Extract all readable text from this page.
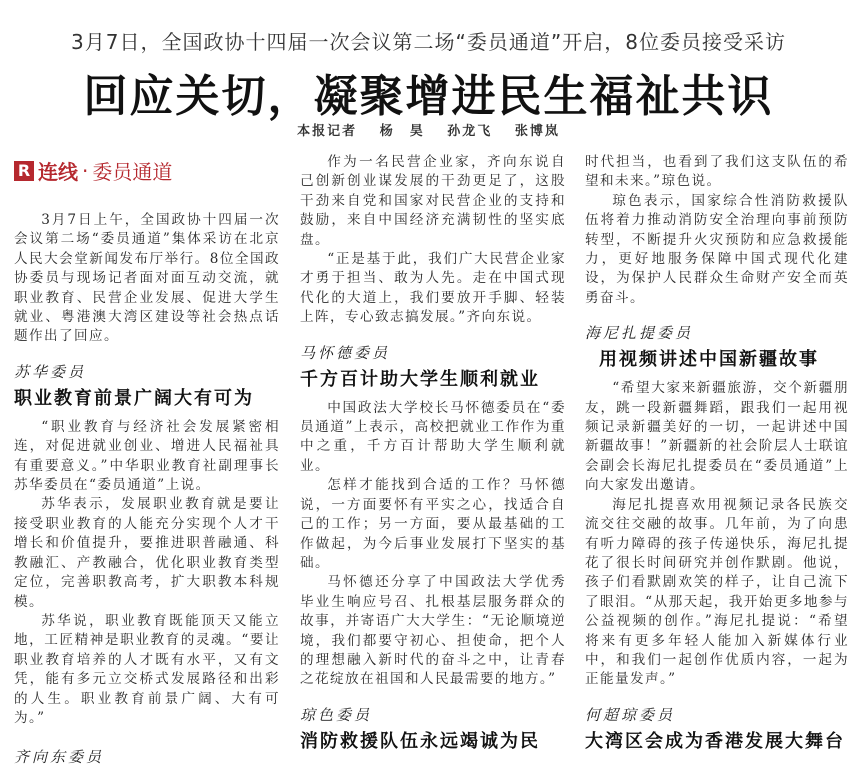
3月7日，全国政协十四届一次会议第二场“委员通道”开启，8位委员接受采访
回应关切，凝聚增进民生福祉共识
本报记者 杨　昊 孙龙飞 张博岚
R 连线 · 委员通道

3月7日上午，全国政协十四届一次会议第二场“委员通道”集体采访在北京人民大会堂新闻发布厅举行。8位全国政协委员与现场记者面对面互动交流，就职业教育、民营企业发展、促进大学生就业、粤港澳大湾区建设等社会热点话题作出了回应。

苏华委员
职业教育前景广阔大有可为

“职业教育与经济社会发展紧密相连，对促进就业创业、增进人民福祉具有重要意义。”中华职业教育社副理事长苏华委员在“委员通道”上说。

苏华表示，发展职业教育就是要让接受职业教育的人能充分实现个人才干增长和价值提升，要推进职普融通、科教融汇、产教融合，优化职业教育类型定位，完善职教高考，扩大职教本科规模。

苏华说，职业教育既能顶天又能立地，工匠精神是职业教育的灵魂。“要让职业教育培养的人才既有水平，又有文凭，能有多元立交桥式发展路径和出彩的人生。职业教育前景广阔、大有可为。”

齐向东委员

作为一名民营企业家，齐向东说自己创新创业谋发展的干劲更足了，这股干劲来自党和国家对民营企业的支持和鼓励，来自中国经济充满韧性的坚实底盘。

“正是基于此，我们广大民营企业家才勇于担当、敢为人先。走在中国式现代化的大道上，我们要放开手脚、轻装上阵，专心致志搞发展。”齐向东说。

马怀德委员
千方百计助大学生顺利就业

中国政法大学校长马怀德委员在“委员通道”上表示，高校把就业工作作为重中之重，千方百计帮助大学生顺利就业。

怎样才能找到合适的工作？马怀德说，一方面要怀有平实之心，找适合自己的工作；另一方面，要从最基础的工作做起，为今后事业发展打下坚实的基础。

马怀德还分享了中国政法大学优秀毕业生响应号召、扎根基层服务群众的故事，并寄语广大大学生：“无论顺境逆境，我们都要守初心、担使命，把个人的理想融入新时代的奋斗之中，让青春之花绽放在祖国和人民最需要的地方。”

琼色委员
消防救援队伍永远竭诚为民

时代担当，也看到了我们这支队伍的希望和未来。”琼色说。

琼色表示，国家综合性消防救援队伍将着力推动消防安全治理向事前预防转型，不断提升火灾预防和应急救援能力，更好地服务保障中国式现代化建设，为保护人民群众生命财产安全而英勇奋斗。

海尼扎提委员
用视频讲述中国新疆故事

“希望大家来新疆旅游，交个新疆朋友，跳一段新疆舞蹈，跟我们一起用视频记录新疆美好的一切，一起讲述中国新疆故事！”新疆新的社会阶层人士联谊会副会长海尼扎提委员在“委员通道”上向大家发出邀请。

海尼扎提喜欢用视频记录各民族交流交往交融的故事。几年前，为了向患有听力障碍的孩子传递快乐，海尼扎提花了很长时间研究并创作默剧。他说，孩子们看默剧欢笑的样子，让自己流下了眼泪。“从那天起，我开始更多地参与公益视频的创作。”海尼扎提说：“希望将来有更多年轻人能加入新媒体行业中，和我们一起创作优质内容，一起为正能量发声。”

何超琼委员
大湾区会成为香港发展大舞台
